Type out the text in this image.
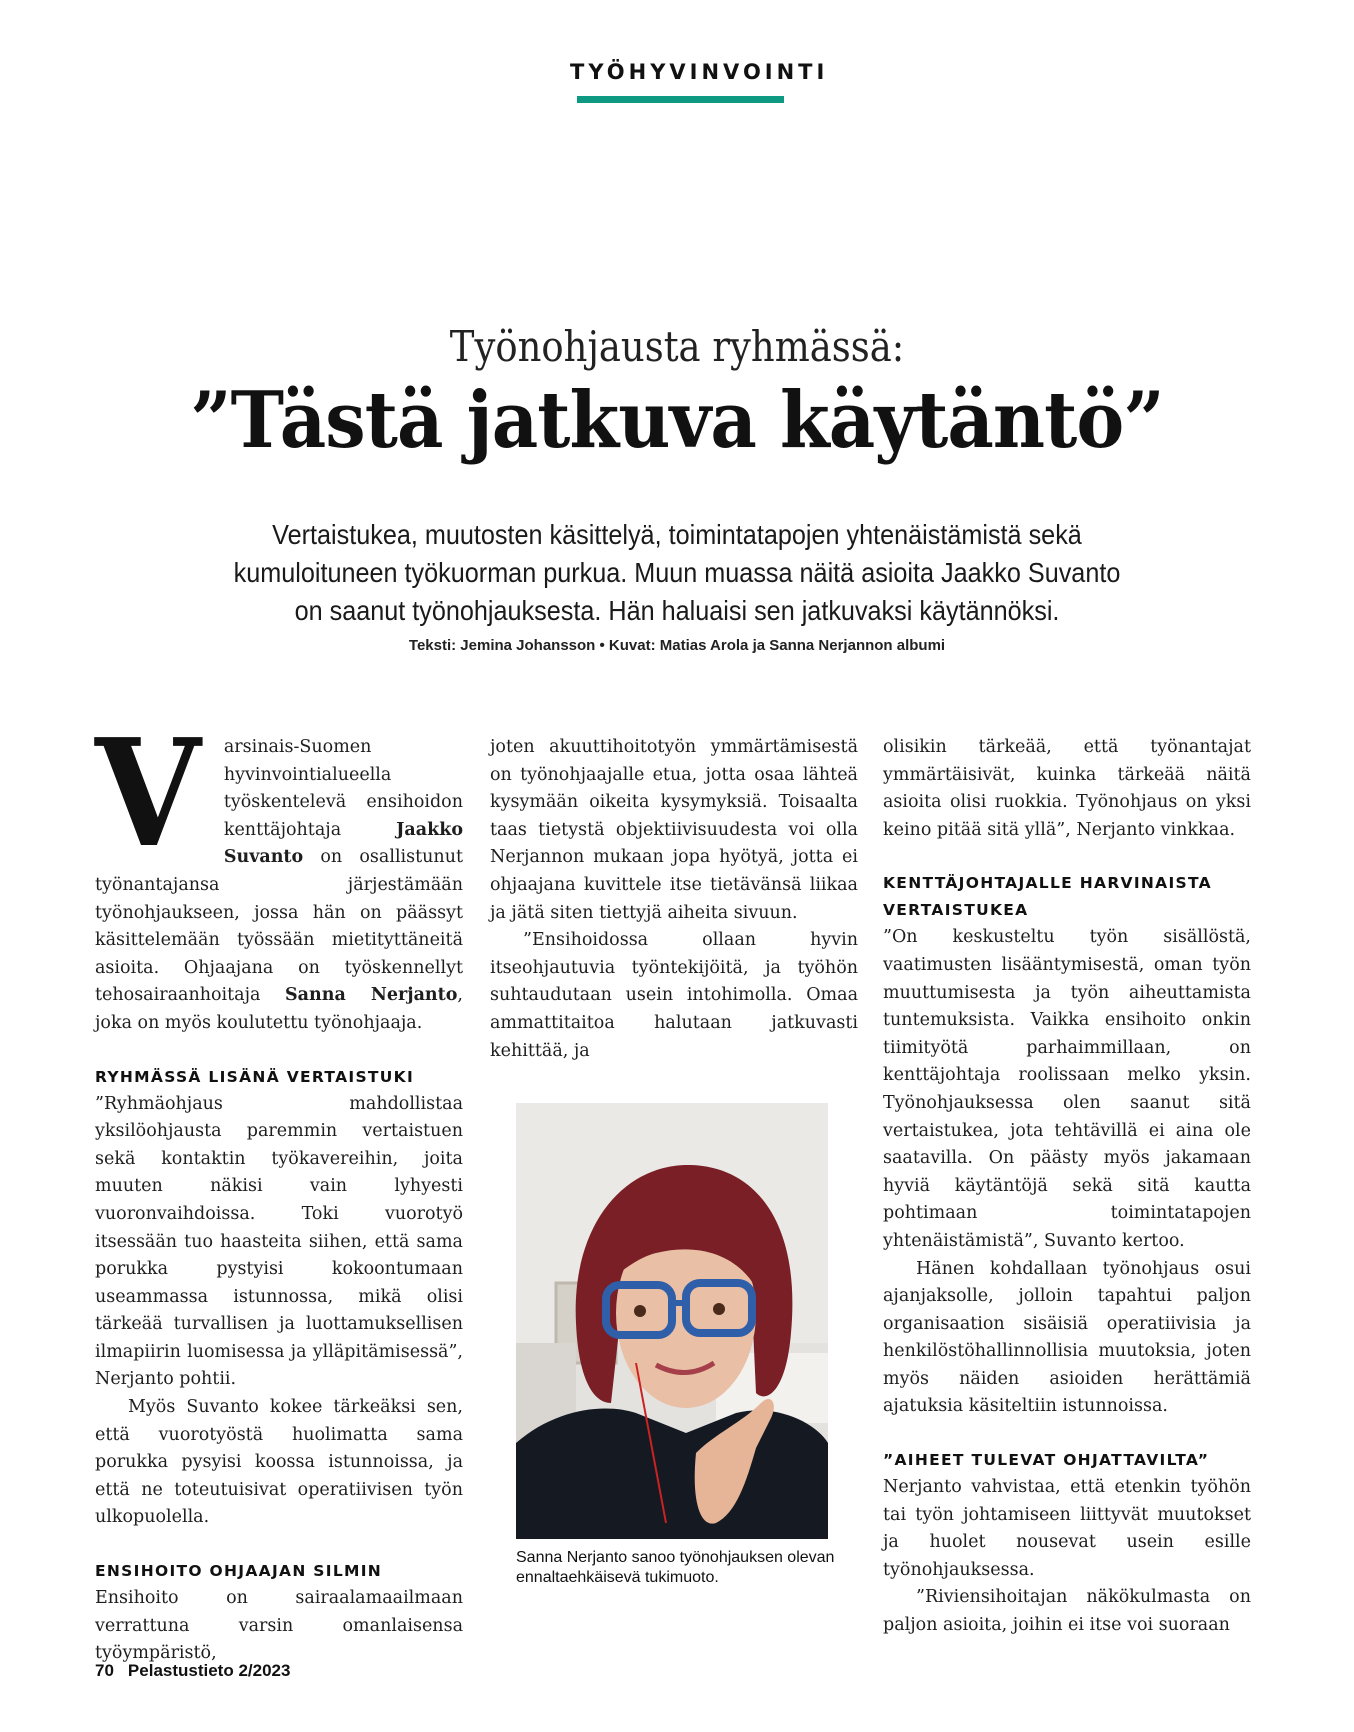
TYÖHYVINVOINTI
Työnohjausta ryhmässä:
”Tästä jatkuva käytäntö”
Vertaistukea, muutosten käsittelyä, toimintatapojen yhtenäistämistä sekä kumuloituneen työkuorman purkua. Muun muassa näitä asioita Jaakko Suvanto on saanut työnohjauksesta. Hän haluaisi sen jatkuvaksi käytännöksi.
Teksti: Jemina Johansson • Kuvat: Matias Arola ja Sanna Nerjannon albumi
V	arsinais-Suomen hyvinvointialueella työskentelevä ensihoidon kenttäjohtaja Jaakko Suvanto on osallistunut työnantajansa järjestämään työnohjaukseen, jossa hän on päässyt käsittelemään työssään mietityttäneitä asioita. Ohjaajana on työskennellyt tehosairaanhoitaja Sanna Nerjanto, joka on myös koulutettu työnohjaaja.

RYHMÄSSÄ LISÄNÄ VERTAISTUKI

”Ryhmäohjaus mahdollistaa yksilöohjausta paremmin vertaistuen sekä kontaktin työkavereihin, joita muuten näkisi vain lyhyesti vuoronvaihdoissa. Toki vuorotyö itsessään tuo haasteita siihen, että sama porukka pystyisi kokoontumaan useammassa istunnossa, mikä olisi tärkeää turvallisen ja luottamuksellisen ilmapiirin luomisessa ja ylläpitämisessä”, Nerjanto pohtii.

Myös Suvanto kokee tärkeäksi sen, että vuorotyöstä huolimatta sama porukka pysyisi koossa istunnoissa, ja että ne toteutuisivat operatiivisen työn ulkopuolella.

ENSIHOITO OHJAAJAN SILMIN

Ensihoito on sairaalamaailmaan verrattuna varsin omanlaisensa työympäristö,

joten akuuttihoitotyön ymmärtämisestä on työnohjaajalle etua, jotta osaa lähteä kysymään oikeita kysymyksiä. Toisaalta taas tietystä objektiivisuudesta voi olla Nerjannon mukaan jopa hyötyä, jotta ei ohjaajana kuvittele itse tietävänsä liikaa ja jätä siten tiettyjä aiheita sivuun.

”Ensihoidossa ollaan hyvin itseohjautuvia työntekijöitä, ja työhön suhtaudutaan usein intohimolla. Omaa ammattitaitoa halutaan jatkuvasti kehittää, ja

Sanna Nerjanto sanoo työnohjauksen olevan ennaltaehkäisevä tukimuoto.

olisikin tärkeää, että työnantajat ymmärtäisivät, kuinka tärkeää näitä asioita olisi ruokkia. Työnohjaus on yksi keino pitää sitä yllä”, Nerjanto vinkkaa.

KENTTÄJOHTAJALLE HARVINAISTA VERTAISTUKEA

”On keskusteltu työn sisällöstä, vaatimusten lisääntymisestä, oman työn muuttumisesta ja työn aiheuttamista tuntemuksista. Vaikka ensihoito onkin tiimityötä parhaimmillaan, on kenttäjohtaja roolissaan melko yksin. Työnohjauksessa olen saanut sitä vertaistukea, jota tehtävillä ei aina ole saatavilla. On päästy myös jakamaan hyviä käytäntöjä sekä sitä kautta pohtimaan toimintatapojen yhtenäistämistä”, Suvanto kertoo.

Hänen kohdallaan työnohjaus osui ajanjaksolle, jolloin tapahtui paljon organisaation sisäisiä operatiivisia ja henkilöstöhallinnollisia muutoksia, joten myös näiden asioiden herättämiä ajatuksia käsiteltiin istunnoissa.

”AIHEET TULEVAT OHJATTAVILTA”

Nerjanto vahvistaa, että etenkin työhön tai työn johtamiseen liittyvät muutokset ja huolet nousevat usein esille työnohjauksessa.

”Riviensihoitajan näkökulmasta on paljon asioita, joihin ei itse voi suoraan

70 Pelastustieto 2/2023
